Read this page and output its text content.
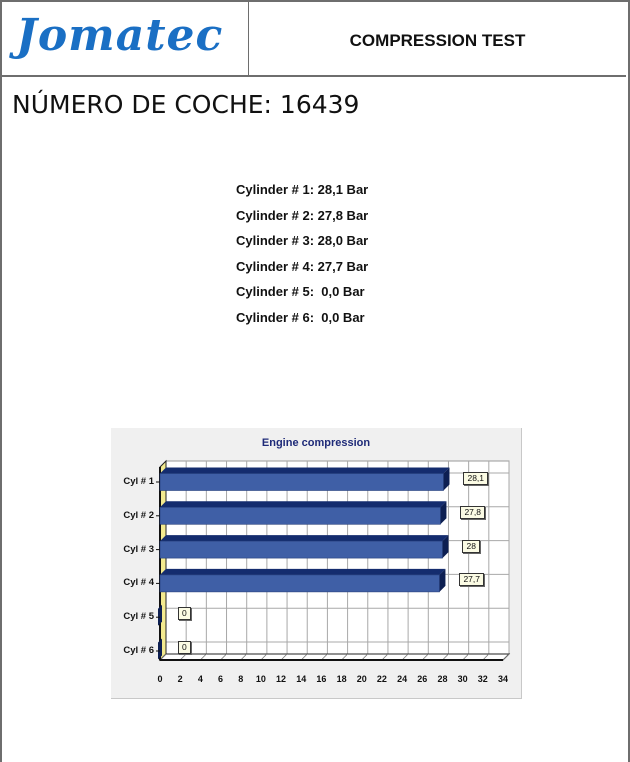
Jomatec	COMPRESSION TEST
NÚMERO DE COCHE: 16439
Cylinder # 1: 28,1 Bar
Cylinder # 2: 27,8 Bar
Cylinder # 3: 28,0 Bar
Cylinder # 4: 27,7 Bar
Cylinder # 5:  0,0 Bar
Cylinder # 6:  0,0 Bar
Engine compression
Cyl # 1
Cyl # 2
Cyl # 3
Cyl # 4
Cyl # 5
Cyl # 6
28,1
27,8
28
27,7
0
0
0	2	4	6	8	10	12	14	16	18	20	22	24	26	28	30	32	34
